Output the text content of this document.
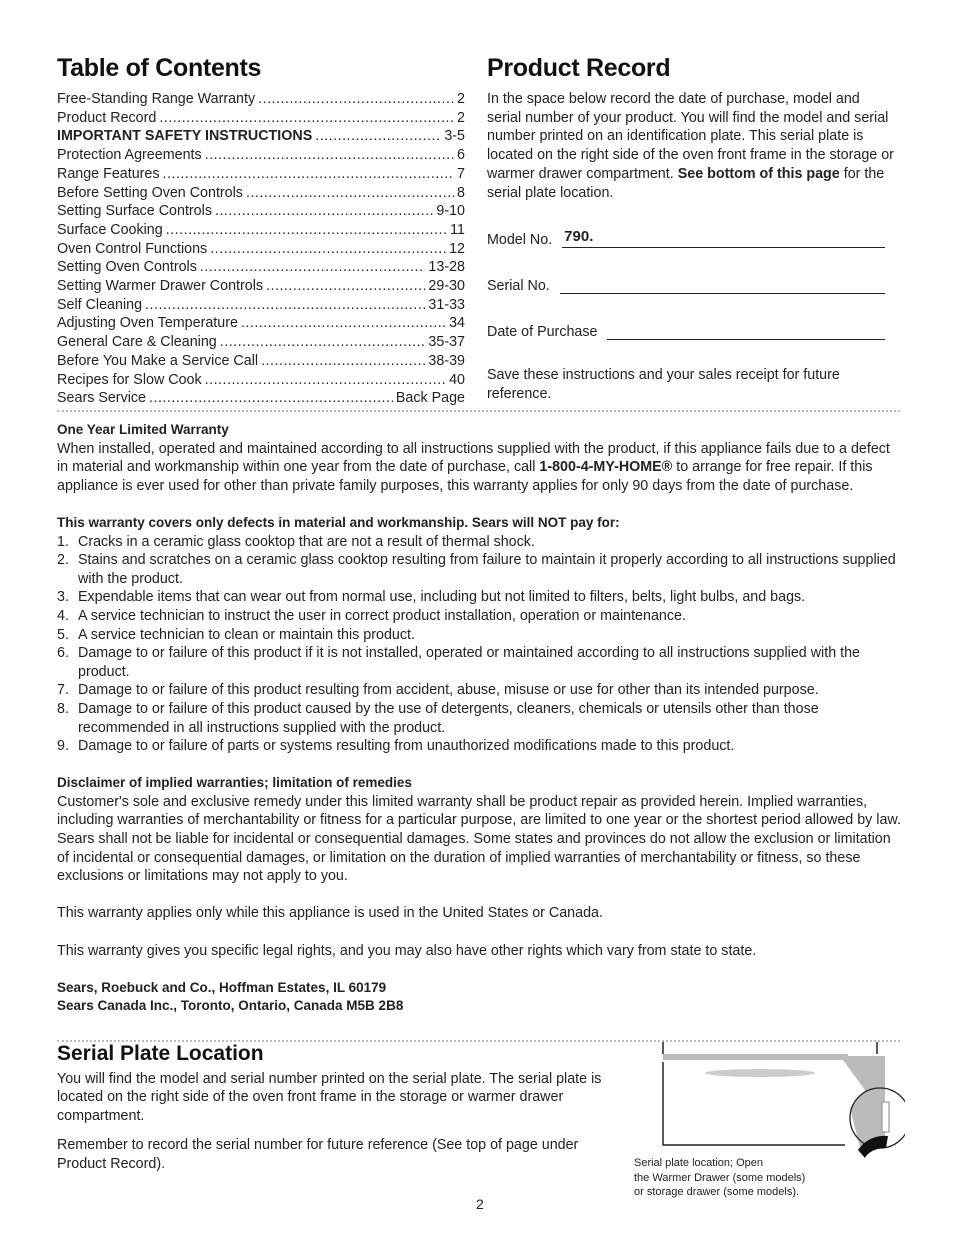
Table of Contents
Free-Standing Range Warranty .....	2
Product Record .....	2
IMPORTANT SAFETY INSTRUCTIONS .....	3-5
Protection Agreements .....	6
Range Features .....	7
Before Setting Oven Controls .....	8
Setting Surface Controls .....	9-10
Surface Cooking .....	11
Oven Control Functions .....	12
Setting Oven Controls .....	13-28
Setting Warmer Drawer Controls .....	29-30
Self Cleaning .....	31-33
Adjusting Oven Temperature .....	34
General Care & Cleaning .....	35-37
Before You Make a Service Call .....	38-39
Recipes for Slow Cook .....	40
Sears Service .....	Back Page
Product Record

In the space below record the date of purchase, model and serial number of your product. You will find the model and serial number printed on an identification plate. This serial plate is located on the right side of the oven front frame in the storage or warmer drawer compartment. See bottom of this page for the serial plate location.

Model No. 790.
Serial No.
Date of Purchase

Save these instructions and your sales receipt for future reference.

One Year Limited Warranty

When installed, operated and maintained according to all instructions supplied with the product, if this appliance fails due to a defect in material and workmanship within one year from the date of purchase, call 1-800-4-MY-HOME® to arrange for free repair. If this appliance is ever used for other than private family purposes, this warranty applies for only 90 days from the date of purchase.

This warranty covers only defects in material and workmanship. Sears will NOT pay for:
1. Cracks in a ceramic glass cooktop that are not a result of thermal shock.
2. Stains and scratches on a ceramic glass cooktop resulting from failure to maintain it properly according to all instructions supplied with the product.
3. Expendable items that can wear out from normal use, including but not limited to filters, belts, light bulbs, and bags.
4. A service technician to instruct the user in correct product installation, operation or maintenance.
5. A service technician to clean or maintain this product.
6. Damage to or failure of this product if it is not installed, operated or maintained according to all instructions supplied with the product.
7. Damage to or failure of this product resulting from accident, abuse, misuse or use for other than its intended purpose.
8. Damage to or failure of this product caused by the use of detergents, cleaners, chemicals or utensils other than those recommended in all instructions supplied with the product.
9. Damage to or failure of parts or systems resulting from unauthorized modifications made to this product.
Disclaimer of implied warranties; limitation of remedies

Customer's sole and exclusive remedy under this limited warranty shall be product repair as provided herein. Implied warranties, including warranties of merchantability or fitness for a particular purpose, are limited to one year or the shortest period allowed by law. Sears shall not be liable for incidental or consequential damages. Some states and provinces do not allow the exclusion or limitation of incidental or consequential damages, or limitation on the duration of implied warranties of merchantability or fitness, so these exclusions or limitations may not apply to you.

This warranty applies only while this appliance is used in the United States or Canada.

This warranty gives you specific legal rights, and you may also have other rights which vary from state to state.

Sears, Roebuck and Co., Hoffman Estates, IL 60179
Sears Canada Inc., Toronto, Ontario, Canada M5B 2B8
Serial Plate Location

You will find the model and serial number printed on the serial plate. The serial plate is located on the right side of the oven front frame in the storage or warmer drawer compartment.

Remember to record the serial number for future reference (See top of page under Product Record).	Serial plate location; Open
the Warmer Drawer (some models)
or storage drawer (some models).
2
